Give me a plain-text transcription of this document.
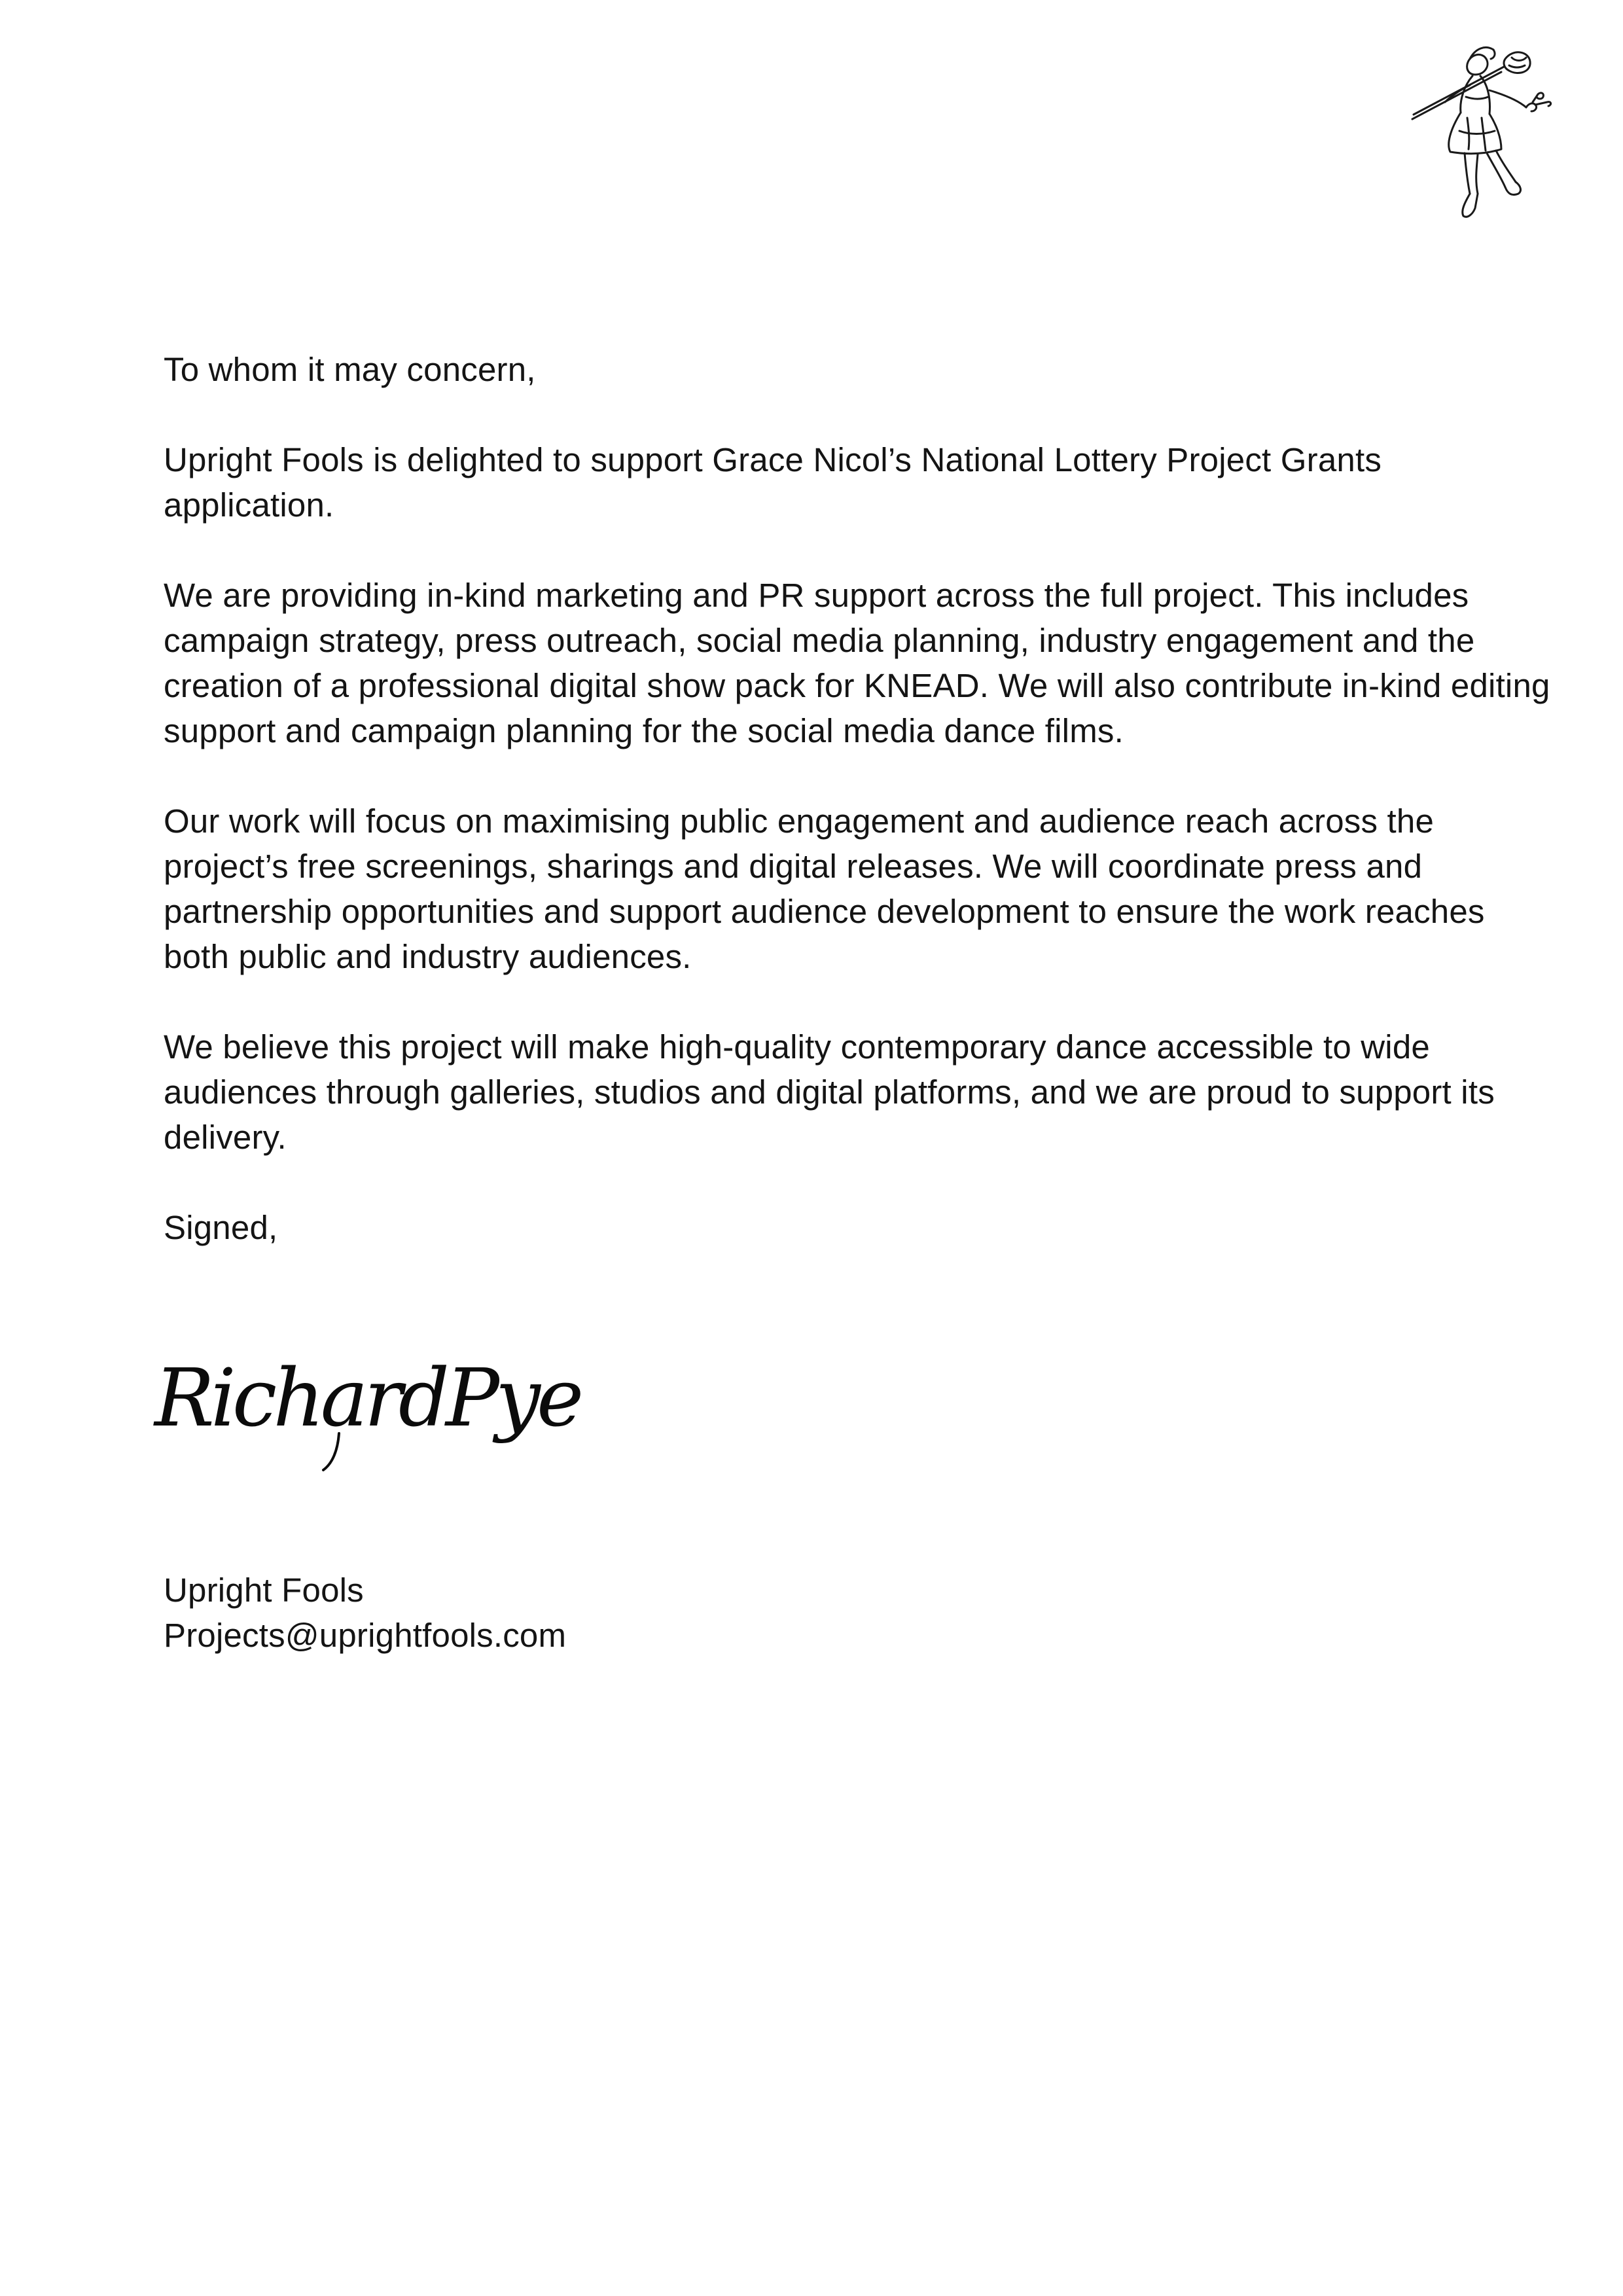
To whom it may concern,

Upright Fools is delighted to support Grace Nicol’s National Lottery Project Grants application.

We are providing in-kind marketing and PR support across the full project. This includes campaign strategy, press outreach, social media planning, industry engagement and the creation of a professional digital show pack for KNEAD. We will also contribute in-kind editing support and campaign planning for the social media dance films.

Our work will focus on maximising public engagement and audience reach across the project’s free screenings, sharings and digital releases. We will coordinate press and partnership opportunities and support audience development to ensure the work reaches both public and industry audiences.

We believe this project will make high-quality contemporary dance accessible to wide audiences through galleries, studios and digital platforms, and we are proud to support its delivery.

Signed,

RichardPye
Upright Fools
Projects@uprightfools.com
